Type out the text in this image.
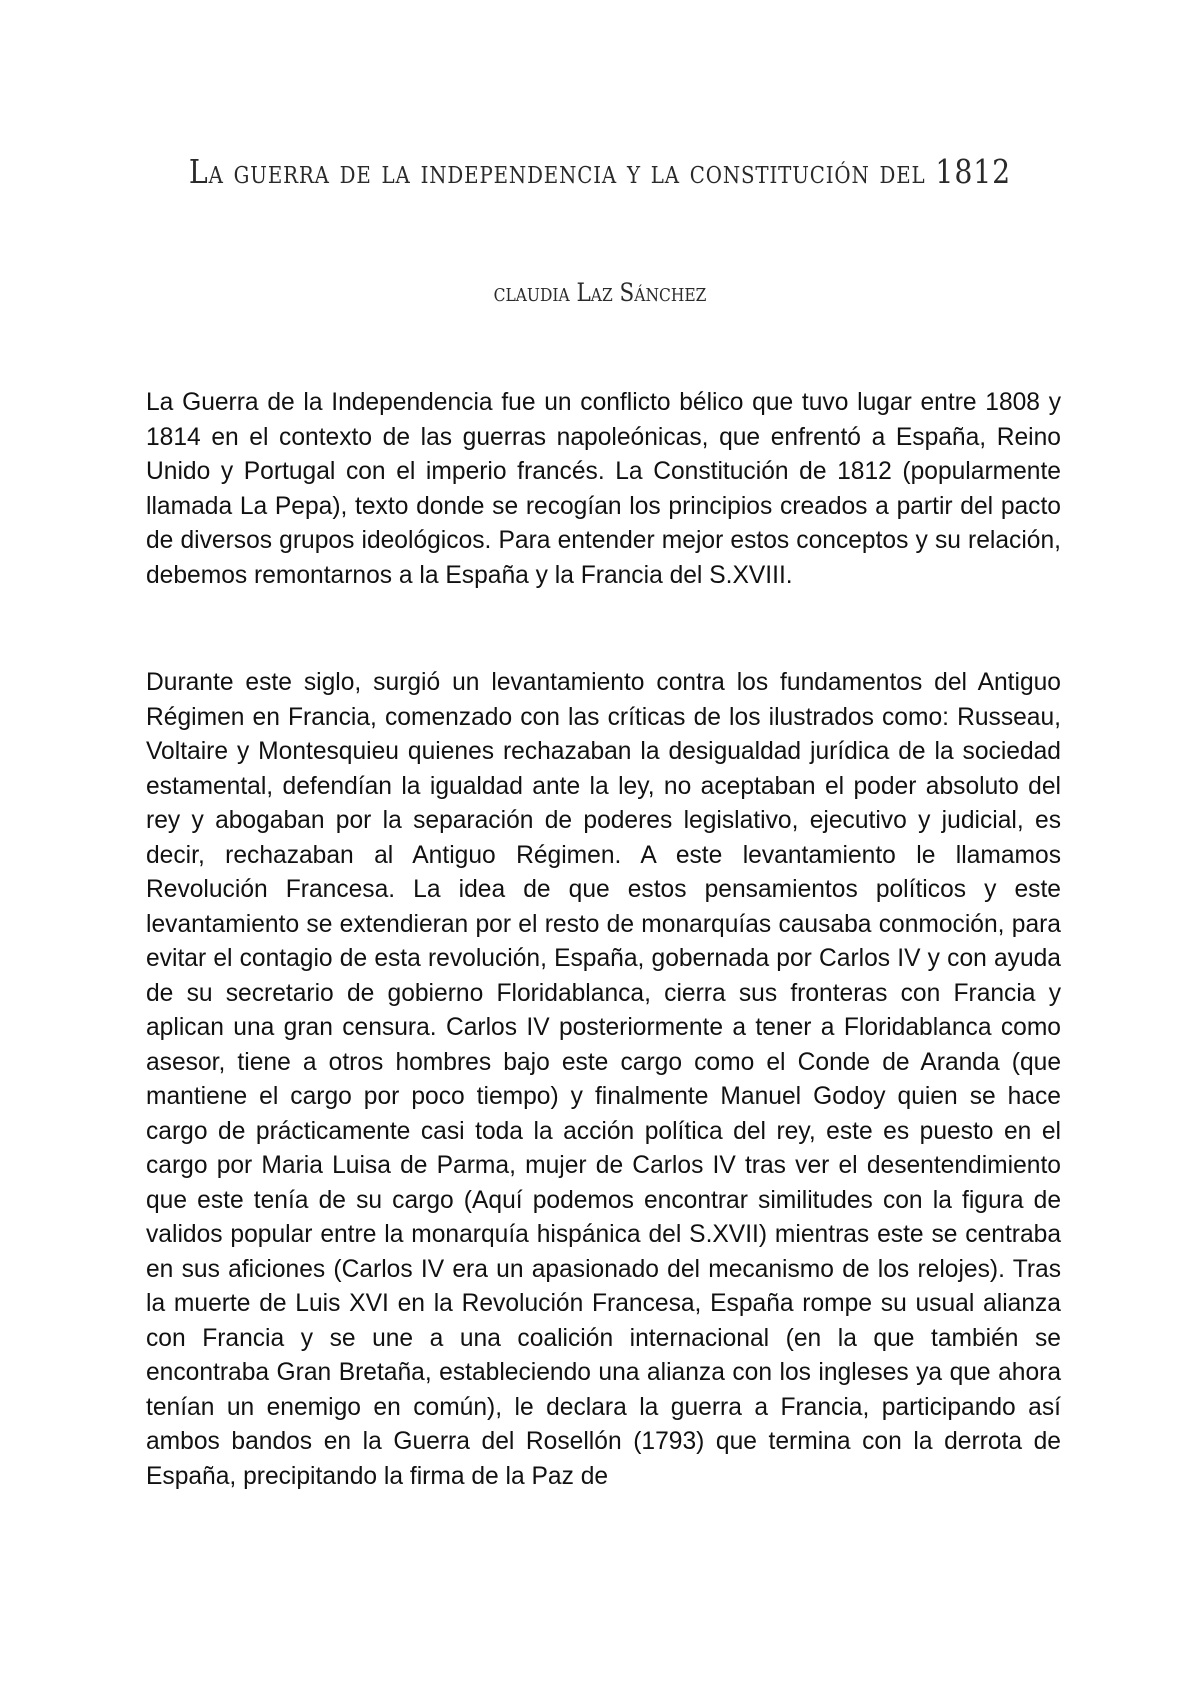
La guerra de la independencia y la constitución del 1812
claudia Laz Sánchez

La Guerra de la Independencia fue un conflicto bélico que tuvo lugar entre 1808 y 1814 en el contexto de las guerras napoleónicas, que enfrentó a España, Reino Unido y Portugal con el imperio francés. La Constitución de 1812 (popularmente llamada La Pepa), texto donde se recogían los principios creados a partir del pacto de diversos grupos ideológicos. Para entender mejor estos conceptos y su relación, debemos remontarnos a la España y la Francia del S.XVIII.

Durante este siglo, surgió un levantamiento contra los fundamentos del Antiguo Régimen en Francia, comenzado con las críticas de los ilustrados como: Russeau, Voltaire y Montesquieu quienes rechazaban la desigualdad jurídica de la sociedad estamental, defendían la igualdad ante la ley, no aceptaban el poder absoluto del rey y abogaban por la separación de poderes legislativo, ejecutivo y judicial, es decir, rechazaban al Antiguo Régimen. A este levantamiento le llamamos Revolución Francesa. La idea de que estos pensamientos políticos y este levantamiento se extendieran por el resto de monarquías causaba conmoción, para evitar el contagio de esta revolución, España, gobernada por Carlos IV y con ayuda de su secretario de gobierno Floridablanca, cierra sus fronteras con Francia y aplican una gran censura. Carlos IV posteriormente a tener a Floridablanca como asesor, tiene a otros hombres bajo este cargo como el Conde de Aranda (que mantiene el cargo por poco tiempo) y finalmente Manuel Godoy quien se hace cargo de prácticamente casi toda la acción política del rey, este es puesto en el cargo por Maria Luisa de Parma, mujer de Carlos IV tras ver el desentendimiento que este tenía de su cargo (Aquí podemos encontrar similitudes con la figura de validos popular entre la monarquía hispánica del S.XVII) mientras este se centraba en sus aficiones (Carlos IV era un apasionado del mecanismo de los relojes). Tras la muerte de Luis XVI en la Revolución Francesa, España rompe su usual alianza con Francia y se une a una coalición internacional (en la que también se encontraba Gran Bretaña, estableciendo una alianza con los ingleses ya que ahora tenían un enemigo en común), le declara la guerra a Francia, participando así ambos bandos en la Guerra del Rosellón (1793) que termina con la derrota de España, precipitando la firma de la Paz de
